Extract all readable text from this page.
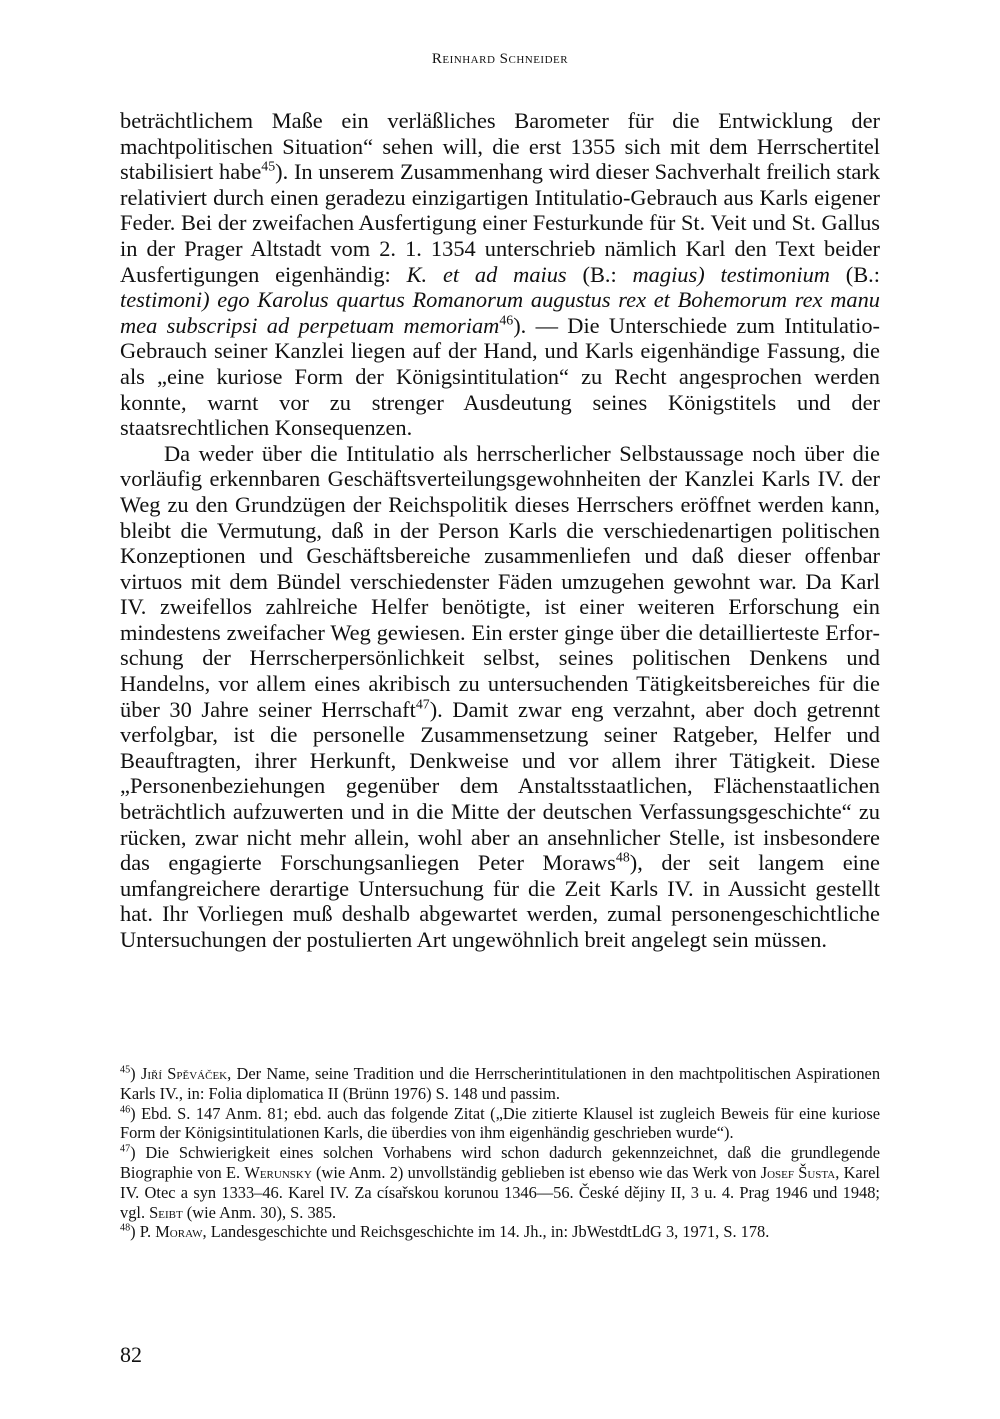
Reinhard Schneider

beträchtlichem Maße ein verläßliches Barometer für die Entwicklung der machtpolitischen Situation“ sehen will, die erst 1355 sich mit dem Herrschertitel stabilisiert habe$^{45}$). In unserem Zusammenhang wird dieser Sachverhalt freilich stark relativiert durch einen geradezu einzigartigen Intitulatio-Gebrauch aus Karls eigener Feder. Bei der zweifachen Ausfertigung einer Festurkunde für St. Veit und St. Gallus in der Prager Altstadt vom 2. 1. 1354 unterschrieb nämlich Karl den Text beider Ausfertigungen eigenhändig: K. et ad maius (B.: magius) testimonium (B.: testimoni) ego Karolus quartus Romanorum augustus rex et Bohemorum rex manu mea subscripsi ad perpetuam memoriam$^{46}$). — Die Unterschiede zum Intitulatio-Gebrauch seiner Kanzlei liegen auf der Hand, und Karls eigenhändige Fassung, die als „eine kuriose Form der Königsintitulation“ zu Recht angesprochen werden konnte, warnt vor zu strenger Ausdeutung seines Königstitels und der staatsrechtlichen Konsequenzen.

Da weder über die Intitulatio als herrscherlicher Selbstaussage noch über die vorläufig erkennbaren Geschäftsverteilungsgewohnheiten der Kanzlei Karls IV. der Weg zu den Grundzügen der Reichspolitik dieses Herrschers eröffnet werden kann, bleibt die Vermutung, daß in der Person Karls die verschiedenartigen politischen Konzeptionen und Geschäftsbereiche zusammenliefen und daß dieser offenbar virtuos mit dem Bündel verschiedenster Fäden umzugehen gewohnt war. Da Karl IV. zweifellos zahlreiche Helfer benötigte, ist einer weiteren Erforschung ein mindestens zweifacher Weg gewiesen. Ein erster ginge über die detaillierteste Erforschung der Herrscherpersönlichkeit selbst, seines politischen Denkens und Handelns, vor allem eines akribisch zu untersuchenden Tätigkeitsbereiches für die über 30 Jahre seiner Herrschaft$^{47}$). Damit zwar eng verzahnt, aber doch getrennt verfolgbar, ist die personelle Zusammensetzung seiner Ratgeber, Helfer und Beauftragten, ihrer Herkunft, Denkweise und vor allem ihrer Tätigkeit. Diese „Personenbeziehungen gegenüber dem Anstaltsstaatlichen, Flächenstaatlichen beträchtlich aufzuwerten und in die Mitte der deutschen Verfassungsgeschichte“ zu rücken, zwar nicht mehr allein, wohl aber an ansehnlicher Stelle, ist insbesondere das engagierte Forschungsanliegen Peter Moraws$^{48}$), der seit langem eine umfangreichere derartige Untersuchung für die Zeit Karls IV. in Aussicht gestellt hat. Ihr Vorliegen muß deshalb abgewartet werden, zumal personengeschichtliche Untersuchungen der postulierten Art ungewöhnlich breit angelegt sein müssen.

$^{45}$) Jiří Spěváček, Der Name, seine Tradition und die Herrscherintitulationen in den machtpolitischen Aspirationen Karls IV., in: Folia diplomatica II (Brünn 1976) S. 148 und passim.

$^{46}$) Ebd. S. 147 Anm. 81; ebd. auch das folgende Zitat („Die zitierte Klausel ist zugleich Beweis für eine kuriose Form der Königsintitulationen Karls, die überdies von ihm eigenhändig geschrieben wurde“).

$^{47}$) Die Schwierigkeit eines solchen Vorhabens wird schon dadurch gekennzeichnet, daß die grundlegende Biographie von E. Werunsky (wie Anm. 2) unvollständig geblieben ist ebenso wie das Werk von Josef Šusta, Karel IV. Otec a syn 1333–46. Karel IV. Za císařskou korunou 1346—56. České dějiny II, 3 u. 4. Prag 1946 und 1948; vgl. Seibt (wie Anm. 30), S. 385.

$^{48}$) P. Moraw, Landesgeschichte und Reichsgeschichte im 14. Jh., in: JbWestdtLdG 3, 1971, S. 178.

82
